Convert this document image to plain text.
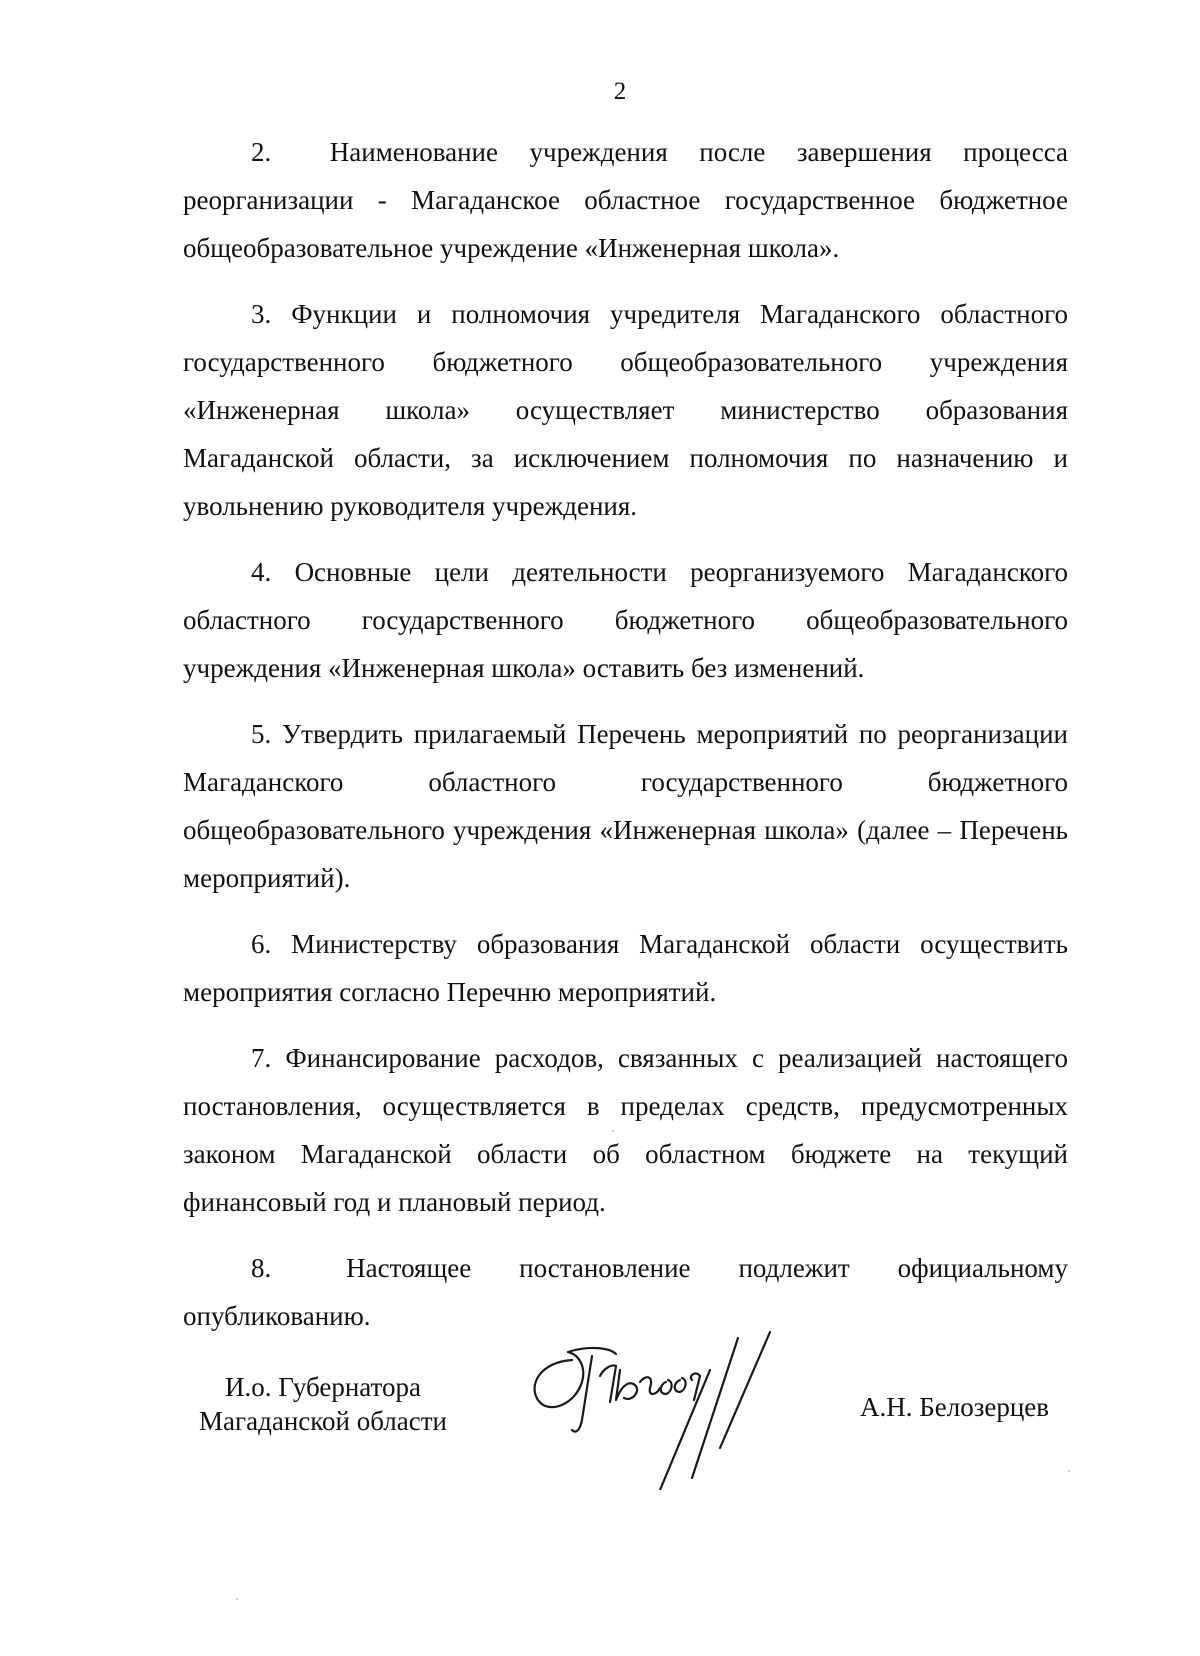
2

2.  Наименование учреждения после завершения процесса реорганизации - Магаданское областное государственное бюджетное общеобразовательное учреждение «Инженерная школа».

3. Функции и полномочия учредителя Магаданского областного государственного бюджетного общеобразовательного учреждения «Инженерная школа» осуществляет министерство образования Магаданской области, за исключением полномочия по назначению и увольнению руководителя учреждения.

4. Основные цели деятельности реорганизуемого Магаданского областного государственного бюджетного общеобразовательного учреждения «Инженерная школа» оставить без изменений.

5. Утвердить прилагаемый Перечень мероприятий по реорганизации Магаданского областного государственного бюджетного общеобразовательного учреждения «Инженерная школа» (далее – Перечень мероприятий).

6. Министерству образования Магаданской области осуществить мероприятия согласно Перечню мероприятий.

7. Финансирование расходов, связанных с реализацией настоящего постановления, осуществляется в пределах средств, предусмотренных законом Магаданской области об областном бюджете на текущий финансовый год и плановый период.

8.  Настоящее постановление подлежит официальному опубликованию.

И.о. Губернатора
Магаданской области	А.Н. Белозерцев
